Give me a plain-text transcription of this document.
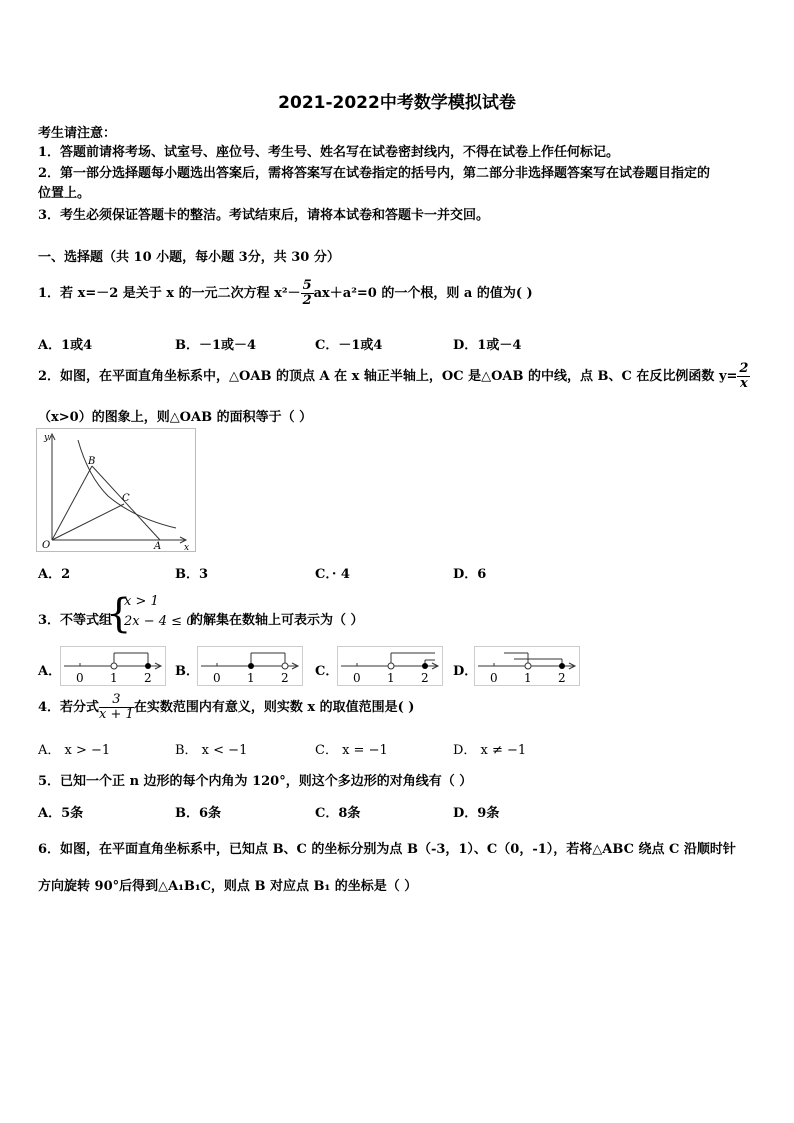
2021-2022中考数学模拟试卷
考生请注意：
1．答题前请将考场、试室号、座位号、考生号、姓名写在试卷密封线内，不得在试卷上作任何标记。
2．第一部分选择题每小题选出答案后，需将答案写在试卷指定的括号内，第二部分非选择题答案写在试卷题目指定的
位置上。
3．考生必须保证答题卡的整洁。考试结束后，请将本试卷和答题卡一并交回。
一、选择题（共 10 小题，每小题 3分，共 30 分）
1．若 x=－2 是关于 x 的一元二次方程 $x^2- \frac{5}{2} ax+a^2=0$ 的一个根，则 a 的值为( )
A．1或4	B．－1或－4	C．－1或4	D．1或－4
2．如图，在平面直角坐标系中，△OAB 的顶点 A 在 x 轴正半轴上，OC 是△OAB 的中线，点 B、C 在反比例函数 $y= \frac{2}{x}$
（x>0）的图象上，则△OAB 的面积等于（ ）
y
x
O	A
B
C
A．2	B．3	C．· 4	D．6
3．不等式组
{
x > 1
2x − 4 ≤ 0
的解集在数轴上可表示为（ ）
A． 0 1 2 B． 0 1 2 C． 0 1 2 D． 0 1 2
4．若分式 $\frac{3}{x + 1}$ 在实数范围内有意义，则实数 x 的取值范围是( )
A． x > −1	B． x < −1	C． x = −1	D． x ≠ −1
5．已知一个正 n 边形的每个内角为 120°，则这个多边形的对角线有（ ）
A．5条	B．6条	C．8条	D．9条
6．如图，在平面直角坐标系中，已知点 B、C 的坐标分别为点 B（-3，1）、C（0，-1），若将△ABC 绕点 C 沿顺时针
方向旋转 90°后得到△A₁B₁C，则点 B 对应点 B₁ 的坐标是（ ）
